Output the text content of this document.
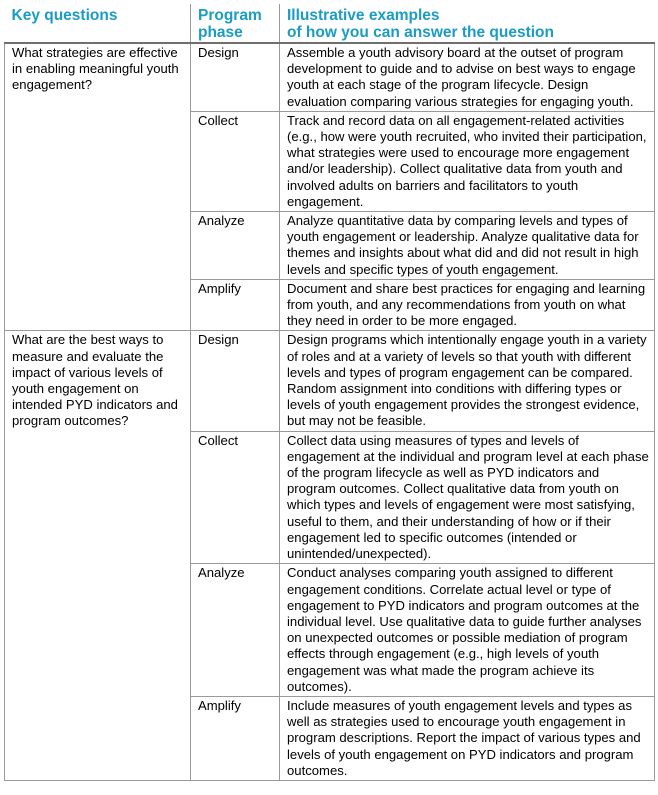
Key questions	Program phase	Illustrative examples
of how you can answer the question
What strategies are effective in enabling meaningful youth engagement?	Design	Assemble a youth advisory board at the outset of program development to guide and to advise on best ways to engage youth at each stage of the program lifecycle. Design evaluation comparing various strategies for engaging youth.
	Collect	Track and record data on all engagement-related activities (e.g., how were youth recruited, who invited their participation, what strategies were used to encourage more engagement and/or leadership). Collect qualitative data from youth and involved adults on barriers and facilitators to youth engagement.
	Analyze	Analyze quantitative data by comparing levels and types of youth engagement or leadership. Analyze qualitative data for themes and insights about what did and did not result in high levels and specific types of youth engagement.
	Amplify	Document and share best practices for engaging and learning from youth, and any recommendations from youth on what they need in order to be more engaged.
What are the best ways to measure and evaluate the impact of various levels of youth engagement on intended PYD indicators and program outcomes?	Design	Design programs which intentionally engage youth in a variety of roles and at a variety of levels so that youth with different levels and types of program engagement can be compared. Random assignment into conditions with differing types or levels of youth engagement provides the strongest evidence, but may not be feasible.
	Collect	Collect data using measures of types and levels of engagement at the individual and program level at each phase of the program lifecycle as well as PYD indicators and program outcomes. Collect qualitative data from youth on which types and levels of engagement were most satisfying, useful to them, and their understanding of how or if their engagement led to specific outcomes (intended or unintended/unexpected).
	Analyze	Conduct analyses comparing youth assigned to different engagement conditions. Correlate actual level or type of engagement to PYD indicators and program outcomes at the individual level. Use qualitative data to guide further analyses on unexpected outcomes or possible mediation of program effects through engagement (e.g., high levels of youth engagement was what made the program achieve its outcomes).
	Amplify	Include measures of youth engagement levels and types as well as strategies used to encourage youth engagement in program descriptions. Report the impact of various types and levels of youth engagement on PYD indicators and program outcomes.
